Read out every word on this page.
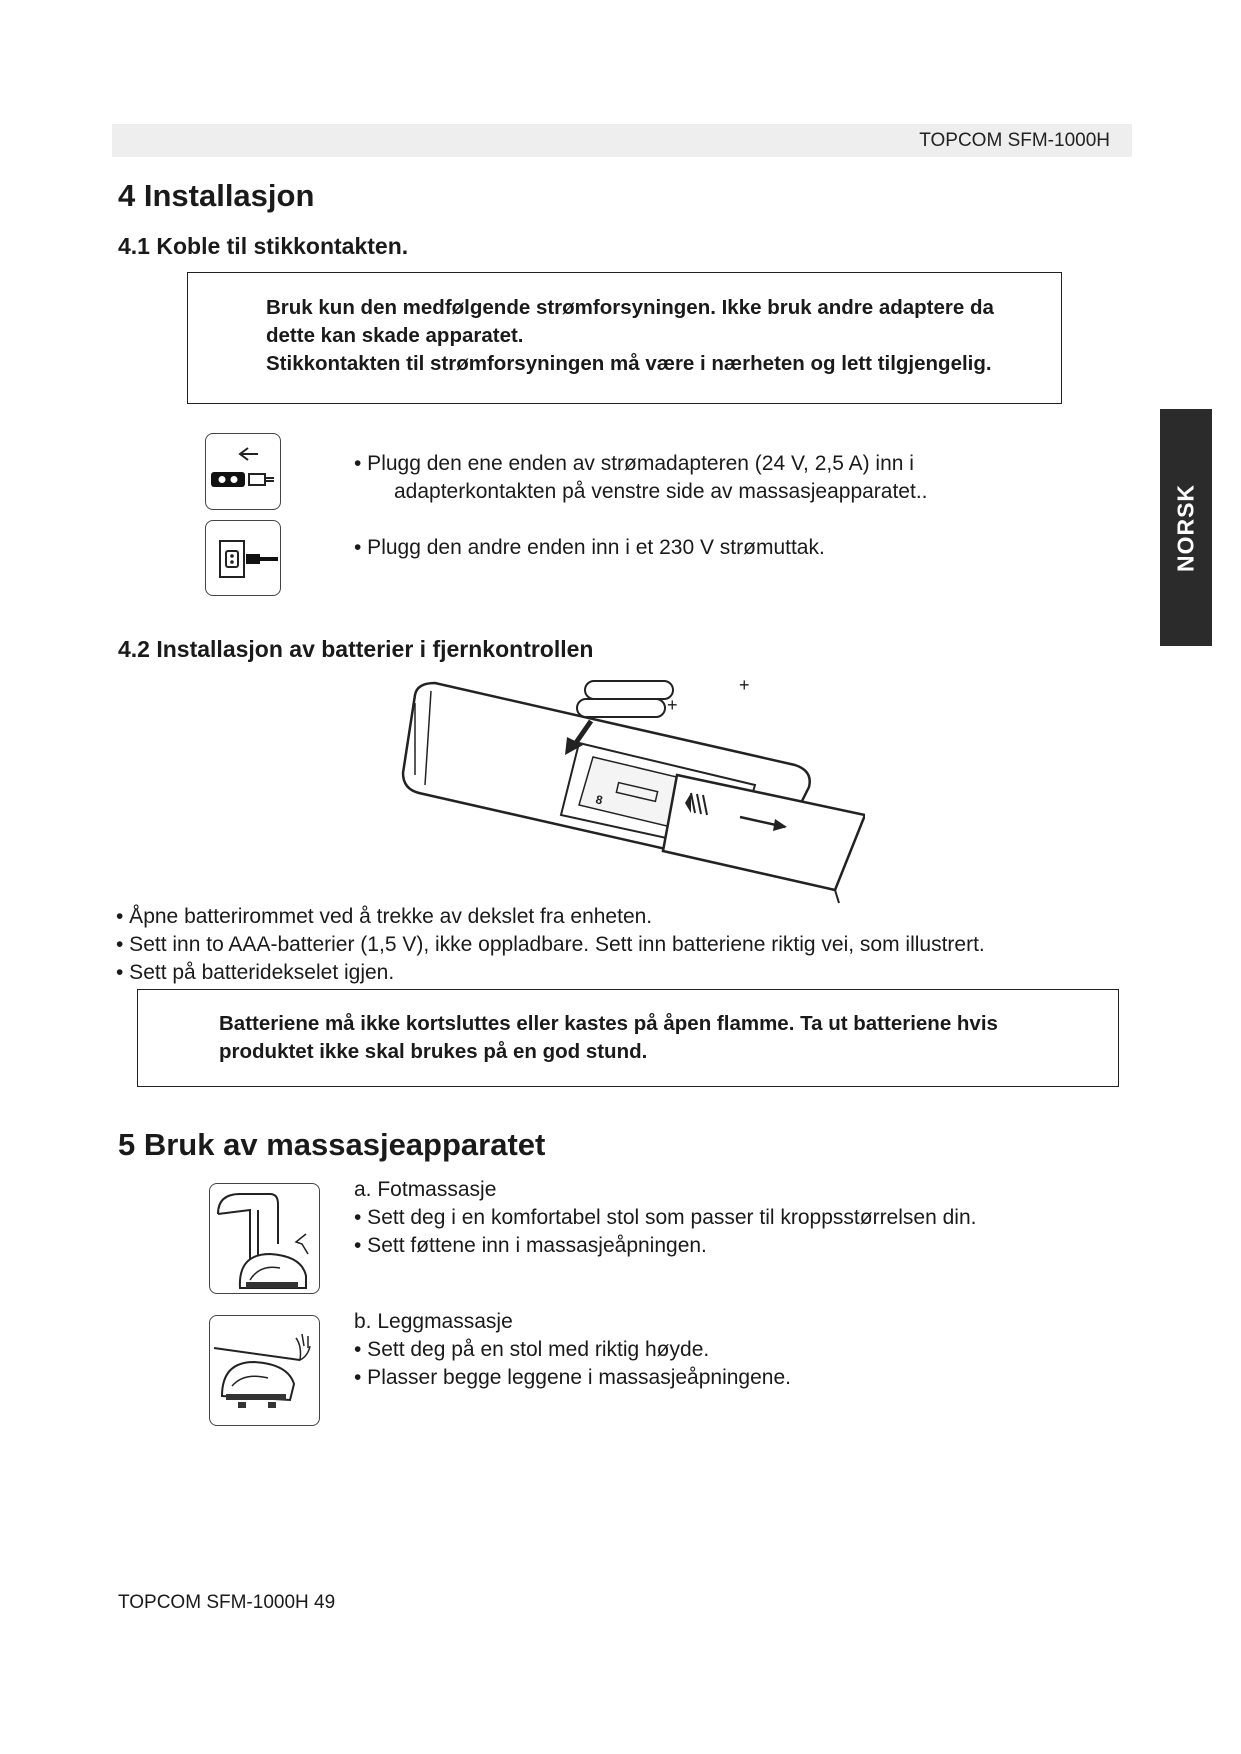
TOPCOM SFM-1000H
NORSK
4 Installasjon
4.1 Koble til stikkontakten.

Bruk kun den medfølgende strømforsyningen. Ikke bruk andre adaptere da

dette kan skade apparatet.

Stikkontakten til strømforsyningen må være i nærheten og lett tilgjengelig.

• Plugg den ene enden av strømadapteren (24 V, 2,5 A) inn i

adapterkontakten på venstre side av massasjeapparatet..

• Plugg den andre enden inn i et 230 V strømuttak.

4.2 Installasjon av batterier i fjernkontrollen
8
+
+

• Åpne batterirommet ved å trekke av dekslet fra enheten.

• Sett inn to AAA-batterier (1,5 V), ikke oppladbare. Sett inn batteriene riktig vei, som illustrert.

• Sett på batteridekselet igjen.

Batteriene må ikke kortsluttes eller kastes på åpen flamme. Ta ut batteriene hvis

produktet ikke skal brukes på en god stund.

5 Bruk av massasjeapparatet

a. Fotmassasje

• Sett deg i en komfortabel stol som passer til kroppsstørrelsen din.

• Sett føttene inn i massasjeåpningen.

b. Leggmassasje

• Sett deg på en stol med riktig høyde.

• Plasser begge leggene i massasjeåpningene.

TOPCOM SFM-1000H 49
